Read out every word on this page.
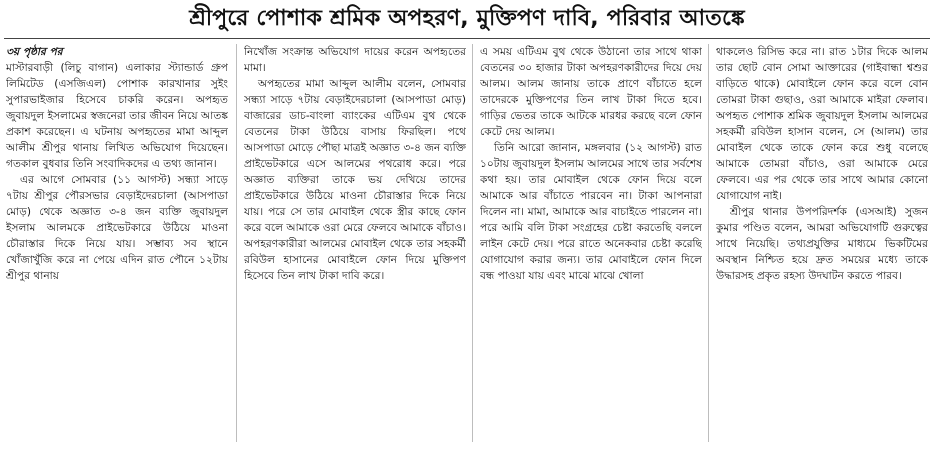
শ্রীপুরে পোশাক শ্রমিক অপহরণ, মুক্তিপণ দাবি, পরিবার আতঙ্কে

৩য় পৃষ্ঠার পর

মাস্টারবাড়ী (লিচু বাগান) এলাকার স্ট্যান্ডার্ড গ্রুপ লিমিটেড (এসজিএল) পোশাক কারখানার সুইং সুপারভাইজার হিসেবে চাকরি করেন। অপহৃত জুবায়দুল ইসলামের স্বজনেরা তার জীবন নিয়ে আতঙ্ক প্রকাশ করেছেন। এ ঘটনায় অপহৃতের মামা আব্দুল আলীম শ্রীপুর থানায় লিখিত অভিযোগ দিয়েছেন। গতকাল বুধবার তিনি সংবাদিকদের এ তথ্য জানান।

এর আগে সোমবার (১১ আগস্ট) সন্ধ্যা সাড়ে ৭টায় শ্রীপুর পৌরসভার বেড়াইদেরচালা (আসপাডা মোড়) থেকে অজ্ঞাত ৩-৪ জন ব্যক্তি জুবায়দুল ইসলাম আলমকে প্রাইভেটকারে উঠিয়ে মাওনা চৌরাস্তার দিকে নিয়ে যায়। সম্ভাব্য সব স্থানে খোঁজাখুঁজি করে না পেয়ে এদিন রাত পৌনে ১২টায় শ্রীপুর থানায়

নিখোঁজ সংক্রান্ত অভিযোগ দায়ের করেন অপহৃতের মামা।

অপহৃতের মামা আব্দুল আলীম বলেন, সোমবার সন্ধ্যা সাড়ে ৭টায় বেড়াইদেরচালা (আসপাডা মোড়) বাজারের ডাচ-বাংলা ব্যাংকের এটিএম বুথ থেকে বেতনের টাকা উঠিয়ে বাসায় ফিরছিল। পথে আসপাডা মোড়ে পৌছা মাত্রই অজ্ঞাত ৩-৪ জন ব্যক্তি প্রাইভেটকারে এসে আলমের পথরোধ করে। পরে অজ্ঞাত ব্যক্তিরা তাকে ভয় দেখিয়ে তাদের প্রাইভেটকারে উঠিয়ে মাওনা চৌরাস্তার দিকে নিয়ে যায়। পরে সে তার মোবাইল থেকে স্ত্রীর কাছে ফোন করে বলে আমাকে ওরা মেরে ফেলবে আমাকে বাঁচাও। অপহরণকারীরা আলমের মোবাইল থেকে তার সহকর্মী রবিউল হাসানের মোবাইলে ফোন দিয়ে মুক্তিপণ হিসেবে তিন লাখ টাকা দাবি করে।

এ সময় এটিএম বুথ থেকে উঠানো তার সাথে থাকা বেতনের ৩০ হাজার টাকা অপহরণকারীদের দিয়ে দেয় আলম। আলম জানায় তাকে প্রাণে বাঁচাতে হলে তাদেরকে মুক্তিপণের তিন লাখ টাকা দিতে হবে। গাড়ির ভেতর তাকে আটকে মারধর করছে বলে ফোন কেটে দেয় আলম।

তিনি আরো জানান, মঙ্গলবার (১২ আগস্ট) রাত ১০টায় জুবায়দুল ইসলাম আলমের সাথে তার সর্বশেষ কথা হয়। তার মোবাইল থেকে ফোন দিয়ে বলে আমাকে আর বাঁচাতে পারবেন না। টাকা আপনারা দিলেন না। মামা, আমাকে আর বাচাইতে পারলেন না। পরে আমি বলি টাকা সংগ্রহের চেষ্টা করতেছি বললে লাইন কেটে দেয়। পরে রাতে অনেকবার চেষ্টা করেছি যোগাযোগ করার জন্য। তার মোবাইলে ফোন দিলে বন্ধ পাওয়া যায় এবং মাঝে মাঝে খোলা

থাকলেও রিসিভ করে না। রাত ১টার দিকে আলম তার ছোট বোন সোমা আক্তারের (গাইবান্ধা শ্বশুর বাড়িতে থাকে) মোবাইলে ফোন করে বলে বোন তোমরা টাকা গুছাও, ওরা আমাকে মাইরা ফেলাব। অপহৃত পোশাক শ্রমিক জুবায়দুল ইসলাম আলমের সহকর্মী রবিউল হাসান বলেন, সে (আলম) তার মোবাইল থেকে তাকে ফোন করে শুধু বলেছে আমাকে তোমরা বাঁচাও, ওরা আমাকে মেরে ফেলবে। এর পর থেকে তার সাথে আমার কোনো যোগাযোগ নাই।

শ্রীপুর থানার উপপরিদর্শক (এসআই) সুজন কুমার পণ্ডিত বলেন, আমরা অভিযোগটি গুরুত্বের সাথে নিয়েছি। তথ্যপ্রযুক্তির মাধ্যমে ভিকটিমের অবস্থান নিশ্চিত হয়ে দ্রুত সময়ের মধ্যে তাকে উদ্ধারসহ প্রকৃত রহস্য উদঘাটন করতে পারব।
